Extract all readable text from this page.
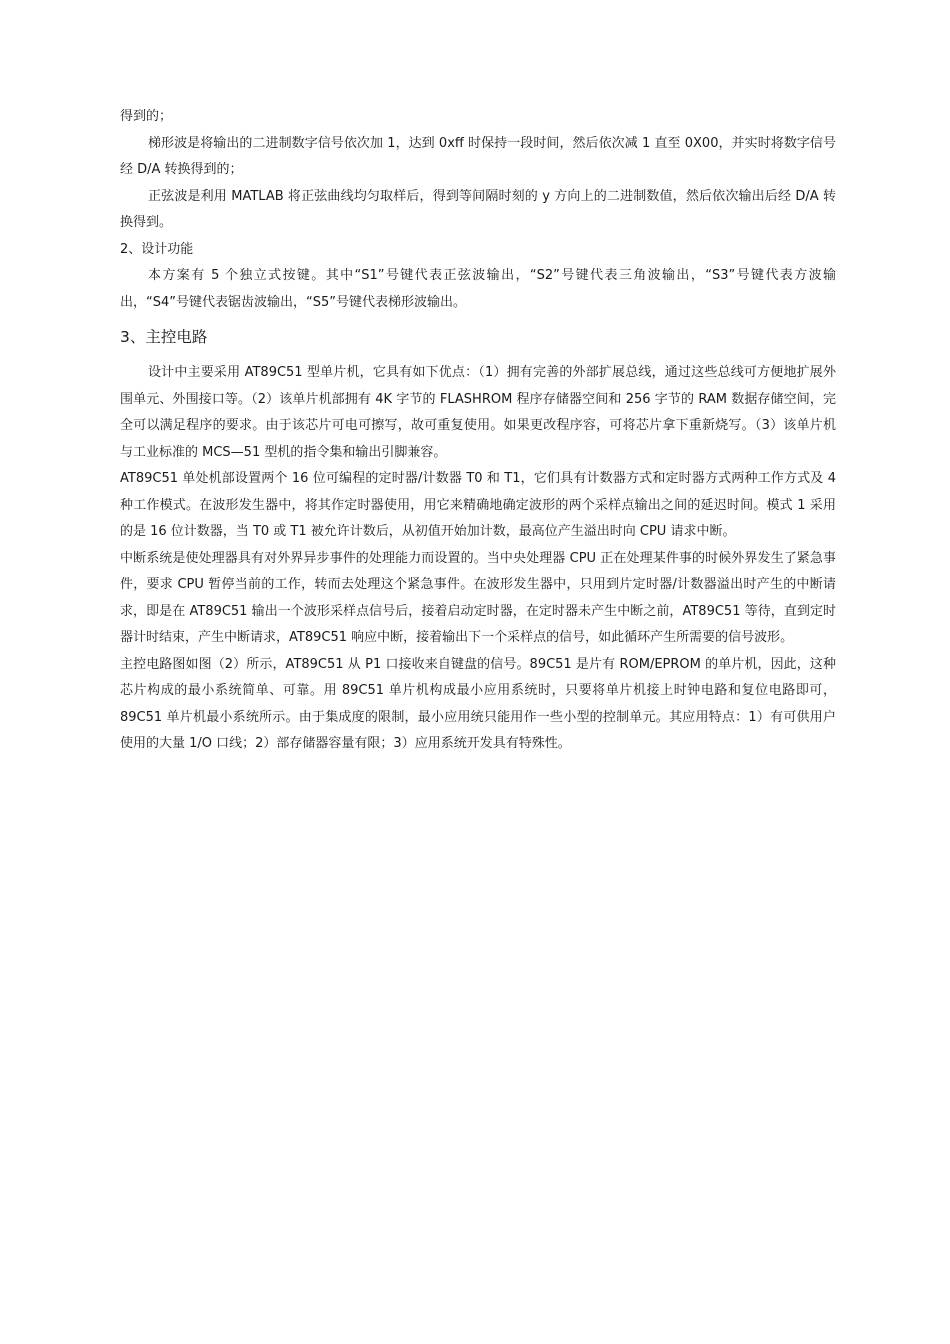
得到的；

梯形波是将输出的二进制数字信号依次加 1，达到 0xff 时保持一段时间，然后依次减 1 直至 0X00，并实时将数字信号经 D/A 转换得到的；

正弦波是利用 MATLAB 将正弦曲线均匀取样后，得到等间隔时刻的 y 方向上的二进制数值，然后依次输出后经 D/A 转换得到。

2、设计功能

本方案有 5 个独立式按键。其中“S1”号键代表正弦波输出，“S2”号键代表三角波输出，“S3”号键代表方波输出，“S4”号键代表锯齿波输出，“S5”号键代表梯形波输出。

3、主控电路

设计中主要采用 AT89C51 型单片机，它具有如下优点：（1）拥有完善的外部扩展总线，通过这些总线可方便地扩展外围单元、外围接口等。（2）该单片机部拥有 4K 字节的 FLASHROM 程序存储器空间和 256 字节的 RAM 数据存储空间，完全可以满足程序的要求。由于该芯片可电可擦写，故可重复使用。如果更改程序容，可将芯片拿下重新烧写。（3）该单片机与工业标准的 MCS—51 型机的指令集和输出引脚兼容。

AT89C51 单处机部设置两个 16 位可编程的定时器/计数器 T0 和 T1，它们具有计数器方式和定时器方式两种工作方式及 4 种工作模式。在波形发生器中，将其作定时器使用，用它来精确地确定波形的两个采样点输出之间的延迟时间。模式 1 采用的是 16 位计数器，当 T0 或 T1 被允许计数后，从初值开始加计数，最高位产生溢出时向 CPU 请求中断。

中断系统是使处理器具有对外界异步事件的处理能力而设置的。当中央处理器 CPU 正在处理某件事的时候外界发生了紧急事件，要求 CPU 暂停当前的工作，转而去处理这个紧急事件。在波形发生器中，只用到片定时器/计数器溢出时产生的中断请求，即是在 AT89C51 输出一个波形采样点信号后，接着启动定时器，在定时器未产生中断之前，AT89C51 等待，直到定时器计时结束，产生中断请求，AT89C51 响应中断，接着输出下一个采样点的信号，如此循环产生所需要的信号波形。

主控电路图如图（2）所示，AT89C51 从 P1 口接收来自键盘的信号。89C51 是片有 ROM/EPROM 的单片机，因此，这种芯片构成的最小系统简单、可靠。用 89C51 单片机构成最小应用系统时，只要将单片机接上时钟电路和复位电路即可，89C51 单片机最小系统所示。由于集成度的限制，最小应用统只能用作一些小型的控制单元。其应用特点：1）有可供用户使用的大量 1/O 口线；2）部存储器容量有限；3）应用系统开发具有特殊性。
